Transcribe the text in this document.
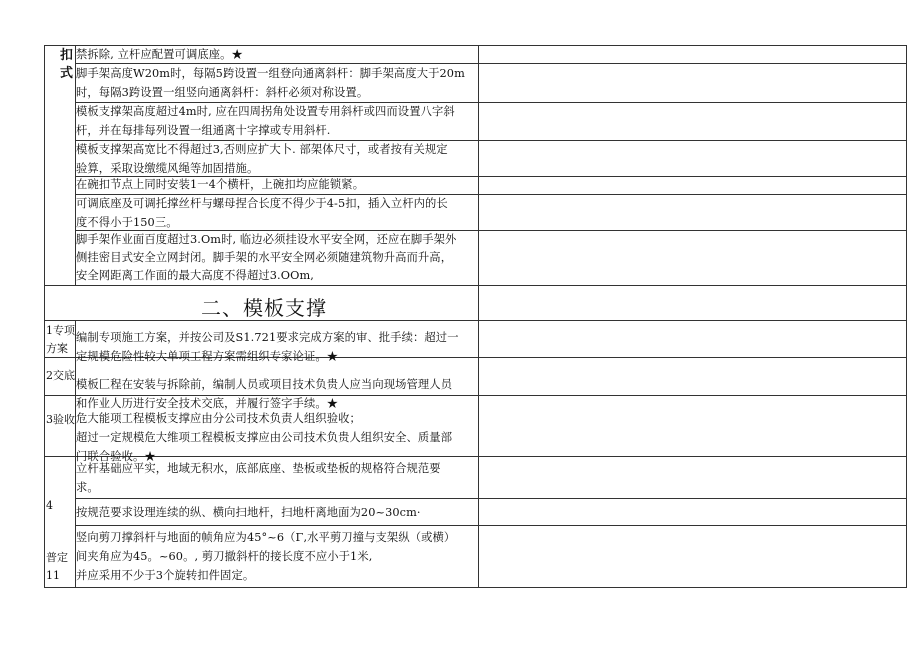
扣
式
禁拆除, 立杆应配置可调底座。★
脚手架高度W20m时，每隔5跨设置一组登向通离斜杆：脚手架高度大于20m
时，每隔3跨设置一组竖向通离斜杆：斜杆必须对称设置。
模板支撑架高度超过4m时, 应在四周拐角处设置专用斜杆或四而设置八字斜
杆，并在每排每列设置一组通离十字撑或专用斜杆.
模板支撑架高宽比不得超过3,否则应扩大卜. 部架体尺寸，或者按有关规定
验算，采取设缴缆风绳等加固措施。
在碗扣节点上同时安装1一4个横杆，上碗扣均应能锁紧。
可调底座及可调托撑丝杆与螺母捏合长度不得少于4-5扣，插入立杆内的长
度不得小于150三。
脚手架作业面百度超过3.Om时, 临边必须挂设水平安全网，还应在脚手架外
侧挂密目式安全立网封闭。脚手架的水平安全网必须随建筑物升高而升高，
安全网距离工作面的最大高度不得超过3.OOm,
二、模板支撑
1专项
方案
2交底
3验收
4
普定
11
编制专项施工方案，并按公司及S1.721要求完成方案的审、批手续：超过一
定规模危险性较大单项工程方案需组织专家论证。★
模板匚程在安装与拆除前，编制人员或项目技术负贵人应当向现场管理人员
和作业人历进行安全技术交底，并履行签字手续。★
危大能项工程模板支撑应由分公司技术负责人组织验收；
超过一定规模危大维项工程模板支撑应由公司技术负贵人组织安全、质量部
门联合验收。★
立杆基础应平实，地域无积水，底部底座、垫板或垫板的规格符合规范要
求。
按规范要求设理连续的纵、横向扫地杆，扫地杆离地面为20~30cm·
竖向剪刀撑斜杆与地面的帧角应为45°~6（Γ,水平剪刀撞与支架纵（或横）
间夹角应为45。~60。, 剪刀撤斜杆的接长度不应小于1米,
并应采用不少于3个旋转扣件固定。
